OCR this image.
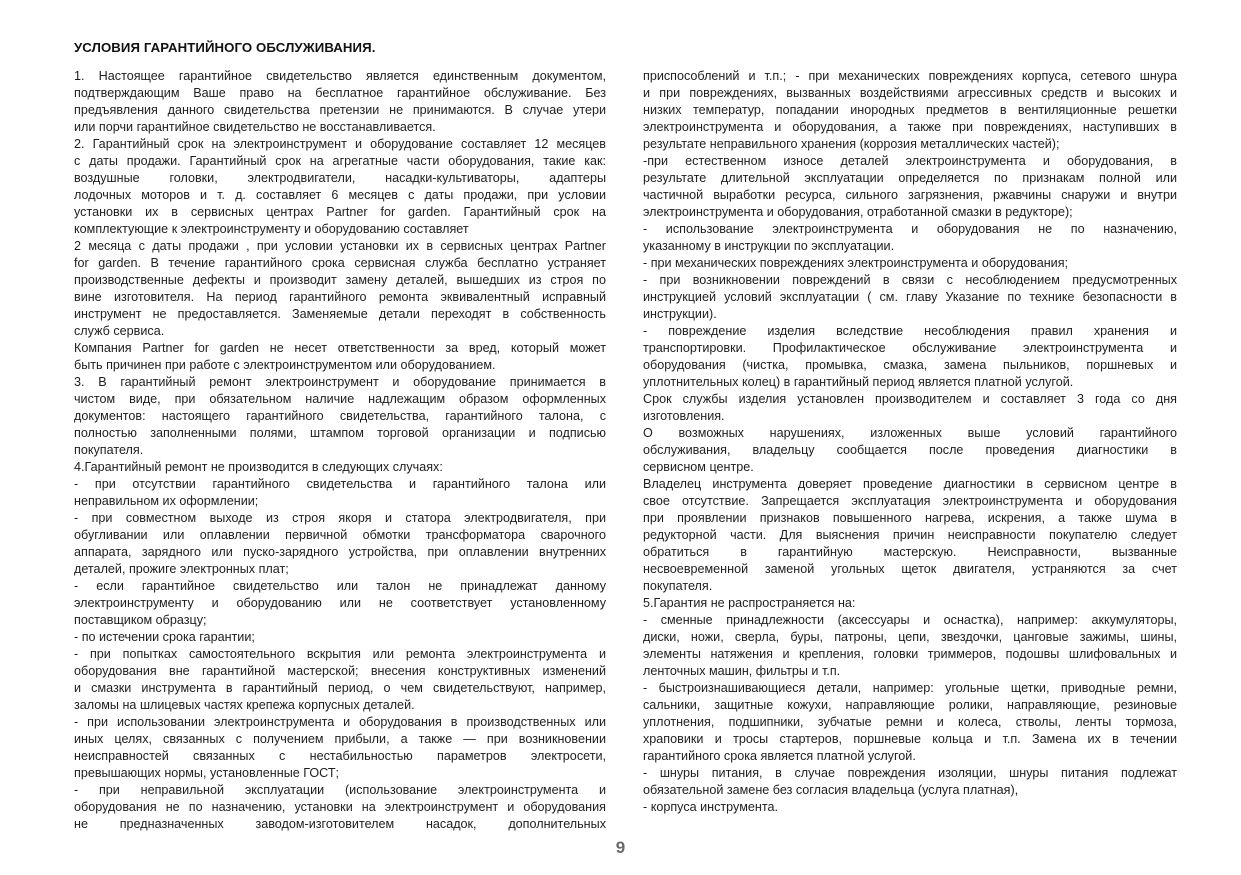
УСЛОВИЯ ГАРАНТИЙНОГО ОБСЛУЖИВАНИЯ.
1. Настоящее гарантийное свидетельство является единственным документом,
подтверждающим Ваше право на бесплатное гарантийное обслуживание. Без
предъявления данного свидетельства претензии не принимаются. В случае утери
или порчи гарантийное свидетельство не восстанавливается.
2. Гарантийный срок на электроинструмент и оборудование составляет 12 месяцев
с даты продажи. Гарантийный срок на агрегатные части оборудования, такие как:
воздушные головки, электродвигатели, насадки-культиваторы, адаптеры
лодочных моторов и т. д. составляет 6 месяцев с даты продажи, при условии
установки их в сервисных центрах Partner for garden. Гарантийный срок на
комплектующие к электроинструменту и оборудованию составляет
2 месяца с даты продажи , при условии установки их в сервисных центрах Partner
for garden. В течение гарантийного срока сервисная служба бесплатно устраняет
производственные дефекты и производит замену деталей, вышедших из строя по
вине изготовителя. На период гарантийного ремонта эквивалентный исправный
инструмент не предоставляется. Заменяемые детали переходят в собственность
служб сервиса.
Компания Partner for garden не несет ответственности за вред, который может
быть причинен при работе с электроинструментом или оборудованием.
3. В гарантийный ремонт электроинструмент и оборудование принимается в
чистом виде, при обязательном наличие надлежащим образом оформленных
документов: настоящего гарантийного свидетельства, гарантийного талона, с
полностью заполненными полями, штампом торговой организации и подписью
покупателя.
4.Гарантийный ремонт не производится в следующих случаях:
- при отсутствии гарантийного свидетельства и гарантийного талона или
неправильном их оформлении;
- при совместном выходе из строя якоря и статора электродвигателя, при
обугливании или оплавлении первичной обмотки трансформатора сварочного
аппарата, зарядного или пуско-зарядного устройства, при оплавлении внутренних
деталей, прожиге электронных плат;
- если гарантийное свидетельство или талон не принадлежат данному
электроинструменту и оборудованию или не соответствует установленному
поставщиком образцу;
- по истечении срока гарантии;
- при попытках самостоятельного вскрытия или ремонта электроинструмента и
оборудования вне гарантийной мастерской; внесения конструктивных изменений
и смазки инструмента в гарантийный период, о чем свидетельствуют, например,
заломы на шлицевых частях крепежа корпусных деталей.
- при использовании электроинструмента и оборудования в производственных или
иных целях, связанных с получением прибыли, а также — при возникновении
неисправностей связанных с нестабильностью параметров электросети,
превышающих нормы, установленные ГОСТ;
- при неправильной эксплуатации (использование электроинструмента и
оборудования не по назначению, установки на электроинструмент и оборудования
не предназначенных заводом-изготовителем насадок, дополнительных
приспособлений и т.п.; - при механических повреждениях корпуса, сетевого шнура
и при повреждениях, вызванных воздействиями агрессивных средств и высоких и
низких температур, попадании инородных предметов в вентиляционные решетки
электроинструмента и оборудования, а также при повреждениях, наступивших в
результате неправильного хранения (коррозия металлических частей);
-при естественном износе деталей электроинструмента и оборудования, в
результате длительной эксплуатации определяется по признакам полной или
частичной выработки ресурса, сильного загрязнения, ржавчины снаружи и внутри
электроинструмента и оборудования, отработанной смазки в редукторе);
- использование электроинструмента и оборудования не по назначению,
указанному в инструкции по эксплуатации.
- при механических повреждениях электроинструмента и оборудования;
- при возникновении повреждений в связи с несоблюдением предусмотренных
инструкцией условий эксплуатации ( см. главу Указание по технике безопасности в
инструкции).
- повреждение изделия вследствие несоблюдения правил хранения и
транспортировки. Профилактическое обслуживание электроинструмента и
оборудования (чистка, промывка, смазка, замена пыльников, поршневых и
уплотнительных колец) в гарантийный период является платной услугой.
Срок службы изделия установлен производителем и составляет 3 года со дня
изготовления.
О возможных нарушениях, изложенных выше условий гарантийного
обслуживания, владельцу сообщается после проведения диагностики в
сервисном центре.
Владелец инструмента доверяет проведение диагностики в сервисном центре в
свое отсутствие. Запрещается эксплуатация электроинструмента и оборудования
при проявлении признаков повышенного нагрева, искрения, а также шума в
редукторной части. Для выяснения причин неисправности покупателю следует
обратиться в гарантийную мастерскую. Неисправности, вызванные
несвоевременной заменой угольных щеток двигателя, устраняются за счет
покупателя.
5.Гарантия не распространяется на:
- сменные принадлежности (аксессуары и оснастка), например: аккумуляторы,
диски, ножи, сверла, буры, патроны, цепи, звездочки, цанговые зажимы, шины,
элементы натяжения и крепления, головки триммеров, подошвы шлифовальных и
ленточных машин, фильтры и т.п.
- быстроизнашивающиеся детали, например: угольные щетки, приводные ремни,
сальники, защитные кожухи, направляющие ролики, направляющие, резиновые
уплотнения, подшипники, зубчатые ремни и колеса, стволы, ленты тормоза,
храповики и тросы стартеров, поршневые кольца и т.п. Замена их в течении
гарантийного срока является платной услугой.
- шнуры питания, в случае повреждения изоляции, шнуры питания подлежат
обязательной замене без согласия владельца (услуга платная),
- корпуса инструмента.
9
